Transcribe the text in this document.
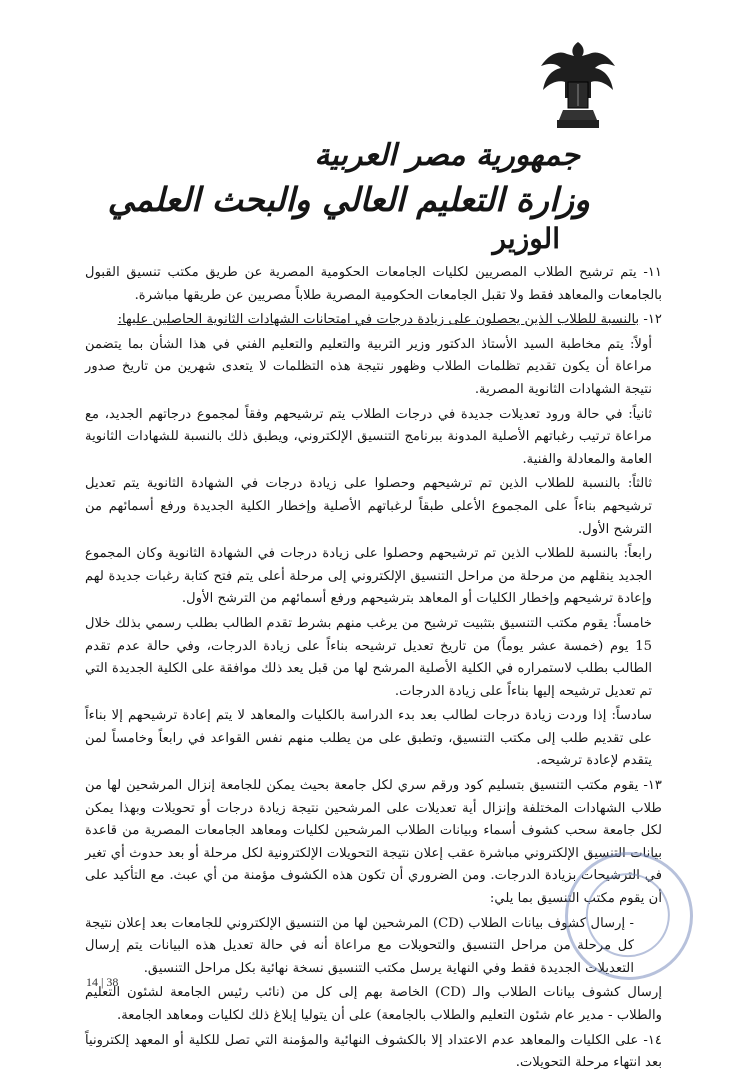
جمهورية مصر العربية
وزارة التعليم العالي والبحث العلمي
الوزير

١١- يتم ترشيح الطلاب المصريين لكليات الجامعات الحكومية المصرية عن طريق مكتب تنسيق القبول بالجامعات والمعاهد فقط ولا تقبل الجامعات الحكومية المصرية طلاباً مصريين عن طريقها مباشرة.

١٢- بالنسبة للطلاب الذين يحصلون على زيادة درجات في امتحانات الشهادات الثانوية الحاصلين عليها:

أولاً: يتم مخاطبة السيد الأستاذ الدكتور وزير التربية والتعليم والتعليم الفني في هذا الشأن بما يتضمن مراعاة أن يكون تقديم تظلمات الطلاب وظهور نتيجة هذه التظلمات لا يتعدى شهرين من تاريخ صدور نتيجة الشهادات الثانوية المصرية.

ثانياً: في حالة ورود تعديلات جديدة في درجات الطلاب يتم ترشيحهم وفقاً لمجموع درجاتهم الجديد، مع مراعاة ترتيب رغباتهم الأصلية المدونة ببرنامج التنسيق الإلكتروني، ويطبق ذلك بالنسبة للشهادات الثانوية العامة والمعادلة والفنية.

ثالثاً: بالنسبة للطلاب الذين تم ترشيحهم وحصلوا على زيادة درجات في الشهادة الثانوية يتم تعديل ترشيحهم بناءاً على المجموع الأعلى طبقاً لرغباتهم الأصلية وإخطار الكلية الجديدة ورفع أسمائهم من الترشح الأول.

رابعاً: بالنسبة للطلاب الذين تم ترشيحهم وحصلوا على زيادة درجات في الشهادة الثانوية وكان المجموع الجديد ينقلهم من مرحلة من مراحل التنسيق الإلكتروني إلى مرحلة أعلى يتم فتح كتابة رغبات جديدة لهم وإعادة ترشيحهم وإخطار الكليات أو المعاهد بترشيحهم ورفع أسمائهم من الترشح الأول.

خامساً: يقوم مكتب التنسيق بتثبيت ترشيح من يرغب منهم بشرط تقدم الطالب بطلب رسمي بذلك خلال 15 يوم (خمسة عشر يوماً) من تاريخ تعديل ترشيحه بناءاً على زيادة الدرجات، وفي حالة عدم تقدم الطالب بطلب لاستمراره في الكلية الأصلية المرشح لها من قبل يعد ذلك موافقة على الكلية الجديدة التي تم تعديل ترشيحه إليها بناءاً على زيادة الدرجات.

سادساً: إذا وردت زيادة درجات لطالب بعد بدء الدراسة بالكليات والمعاهد لا يتم إعادة ترشيحهم إلا بناءاً على تقديم طلب إلى مكتب التنسيق، وتطبق على من يطلب منهم نفس القواعد في رابعاً وخامساً لمن يتقدم لإعادة ترشيحه.

١٣- يقوم مكتب التنسيق بتسليم كود ورقم سري لكل جامعة بحيث يمكن للجامعة إنزال المرشحين لها من طلاب الشهادات المختلفة وإنزال أية تعديلات على المرشحين نتيجة زيادة درجات أو تحويلات وبهذا يمكن لكل جامعة سحب كشوف أسماء وبيانات الطلاب المرشحين لكليات ومعاهد الجامعات المصرية من قاعدة بيانات التنسيق الإلكتروني مباشرة عقب إعلان نتيجة التحويلات الإلكترونية لكل مرحلة أو بعد حدوث أي تغير في الترشيحات بزيادة الدرجات. ومن الضروري أن تكون هذه الكشوف مؤمنة من أي عبث. مع التأكيد على أن يقوم مكتب التنسيق بما يلي:

- إرسال كشوف بيانات الطلاب (CD) المرشحين لها من التنسيق الإلكتروني للجامعات بعد إعلان نتيجة كل مرحلة من مراحل التنسيق والتحويلات مع مراعاة أنه في حالة تعديل هذه البيانات يتم إرسال التعديلات الجديدة فقط وفي النهاية يرسل مكتب التنسيق نسخة نهائية بكل مراحل التنسيق.

إرسال كشوف بيانات الطلاب والـ (CD) الخاصة بهم إلى كل من (نائب رئيس الجامعة لشئون التعليم والطلاب - مدير عام شئون التعليم والطلاب بالجامعة) على أن يتوليا إبلاغ ذلك لكليات ومعاهد الجامعة.

١٤- على الكليات والمعاهد عدم الاعتداد إلا بالكشوف النهائية والمؤمنة التي تصل للكلية أو المعهد إلكترونياً بعد انتهاء مرحلة التحويلات.

14 | 38
